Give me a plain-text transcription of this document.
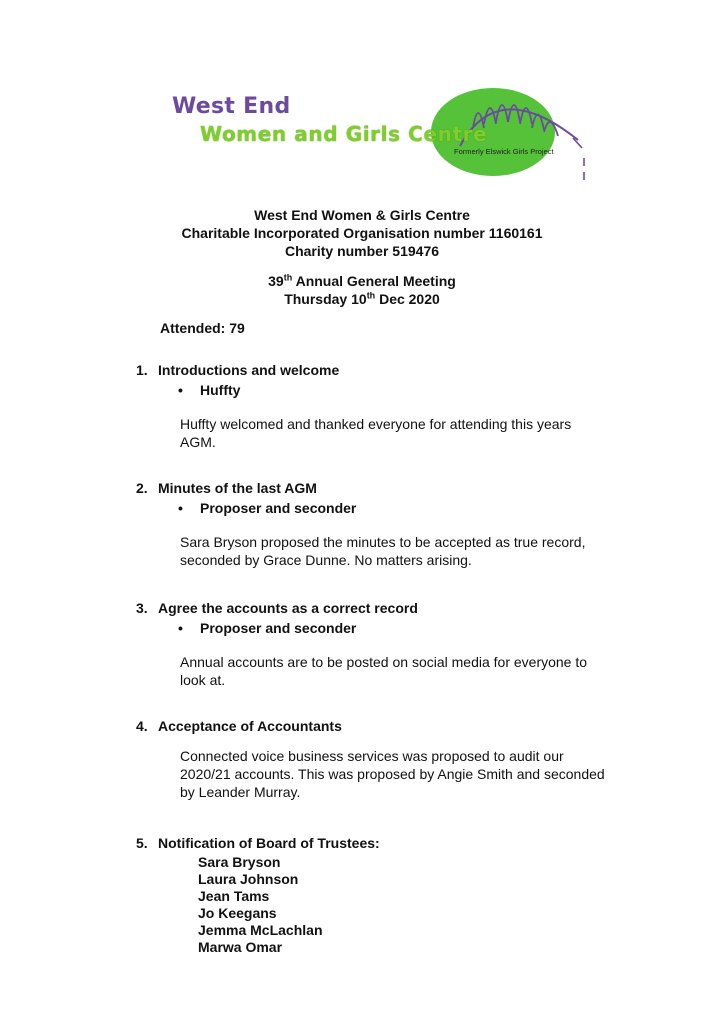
West End
Women and Girls Centre
Formerly Elswick Girls Project
West End Women & Girls Centre
Charitable Incorporated Organisation number 1160161
Charity number 519476
39th Annual General Meeting
Thursday 10th Dec 2020
Attended: 79
1. Introductions and welcome
• Huffty
Huffty welcomed and thanked everyone for attending this years AGM.
2. Minutes of the last AGM
• Proposer and seconder
Sara Bryson proposed the minutes to be accepted as true record, seconded by Grace Dunne. No matters arising.
3. Agree the accounts as a correct record
• Proposer and seconder
Annual accounts are to be posted on social media for everyone to look at.
4. Acceptance of Accountants
Connected voice business services was proposed to audit our 2020/21 accounts. This was proposed by Angie Smith and seconded by Leander Murray.
5. Notification of Board of Trustees:
Sara Bryson
Laura Johnson
Jean Tams
Jo Keegans
Jemma McLachlan
Marwa Omar
